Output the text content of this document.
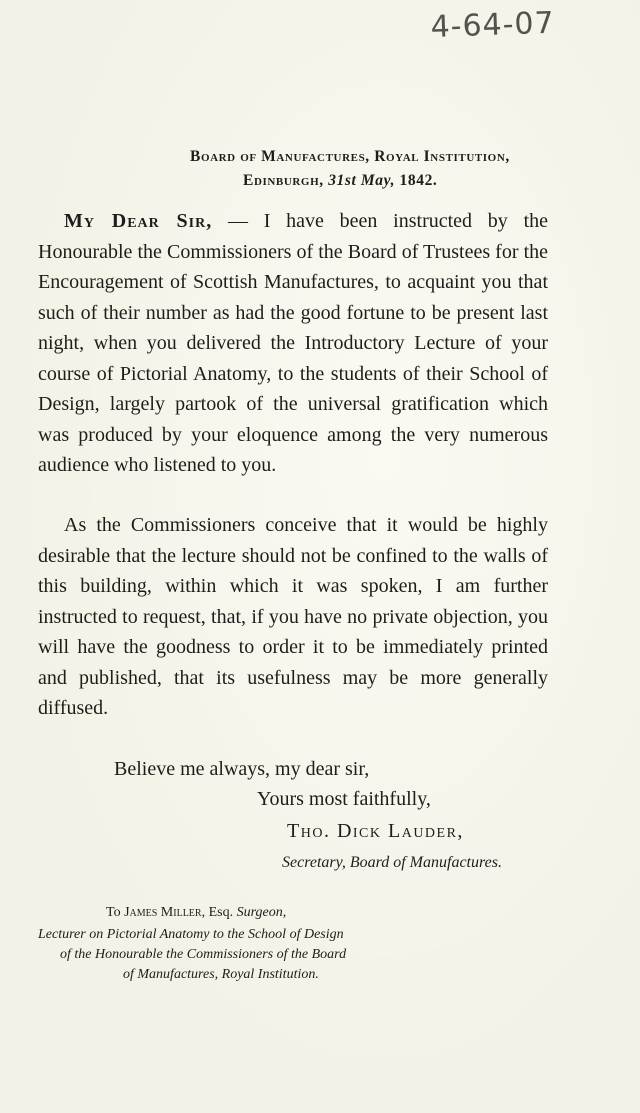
4-64-07
Board of Manufactures, Royal Institution,
Edinburgh, 31st May, 1842.

My Dear Sir, — I have been instructed by the Honourable the Commissioners of the Board of Trustees for the Encouragement of Scottish Manufactures, to acquaint you that such of their number as had the good fortune to be present last night, when you delivered the Introductory Lecture of your course of Pictorial Anatomy, to the students of their School of Design, largely partook of the universal gratification which was produced by your eloquence among the very numerous audience who listened to you.

As the Commissioners conceive that it would be highly desirable that the lecture should not be confined to the walls of this building, within which it was spoken, I am further instructed to request, that, if you have no private objection, you will have the goodness to order it to be immediately printed and published, that its usefulness may be more generally diffused.

Believe me always, my dear sir,
Yours most faithfully,
Tho. Dick Lauder,
Secretary, Board of Manufactures.
To James Miller, Esq. Surgeon,
Lecturer on Pictorial Anatomy to the School of Design
of the Honourable the Commissioners of the Board
of Manufactures, Royal Institution.
